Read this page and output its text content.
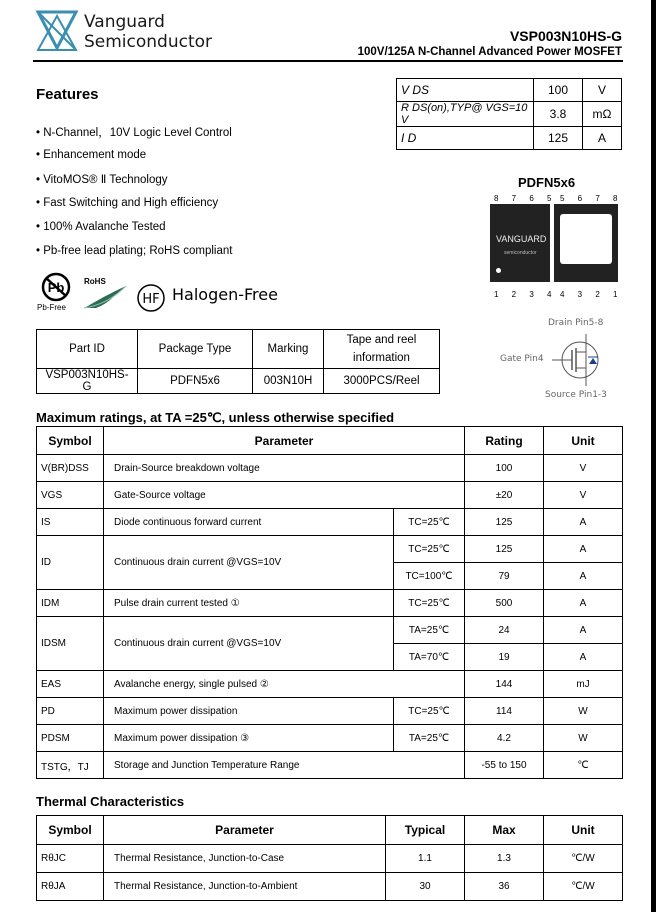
Vanguard
Semiconductor	VSP003N10HS-G
100V/125A N-Channel Advanced Power MOSFET
Features
• N-Channel，10V Logic Level Control
• Enhancement mode
• VitoMOS® Ⅱ Technology
• Fast Switching and High efficiency
• 100% Avalanche Tested
• Pb-free lead plating; RoHS compliant
V DS	100	V
R DS(on),TYP@ VGS=10 V	3.8	mΩ
I D	125	A
Pb
Pb-Free
RoHS
HF Halogen-Free
PDFN5x6
8 7 6 5 5 6 7 8
VANGUARD
semiconductor
1 2 3 4 4 3 2 1
Drain Pin5-8
Gate Pin4
Source Pin1-3
Part ID	Package Type	Marking	Tape and reel information
VSP003N10HS-G	PDFN5x6	003N10H	3000PCS/Reel
Maximum ratings, at TA =25℃, unless otherwise specified
Symbol	Parameter		Rating	Unit
V(BR)DSS	Drain-Source breakdown voltage		100	V
VGS	Gate-Source voltage		±20	V
IS	Diode continuous forward current	TC=25℃	125	A
ID	Continuous drain current @VGS=10V	TC=25℃	125	A
		TC=100℃	79	A
IDM	Pulse drain current tested ①	TC=25℃	500	A
IDSM	Continuous drain current @VGS=10V	TA=25℃	24	A
		TA=70℃	19	A
EAS	Avalanche energy, single pulsed ②		144	mJ
PD	Maximum power dissipation	TC=25℃	114	W
PDSM	Maximum power dissipation ③	TA=25℃	4.2	W
TSTG，TJ	Storage and Junction Temperature Range		-55 to 150	℃
Thermal Characteristics
Symbol	Parameter	Typical	Max	Unit
RθJC	Thermal Resistance, Junction-to-Case	1.1	1.3	℃/W
RθJA	Thermal Resistance, Junction-to-Ambient	30	36	℃/W
